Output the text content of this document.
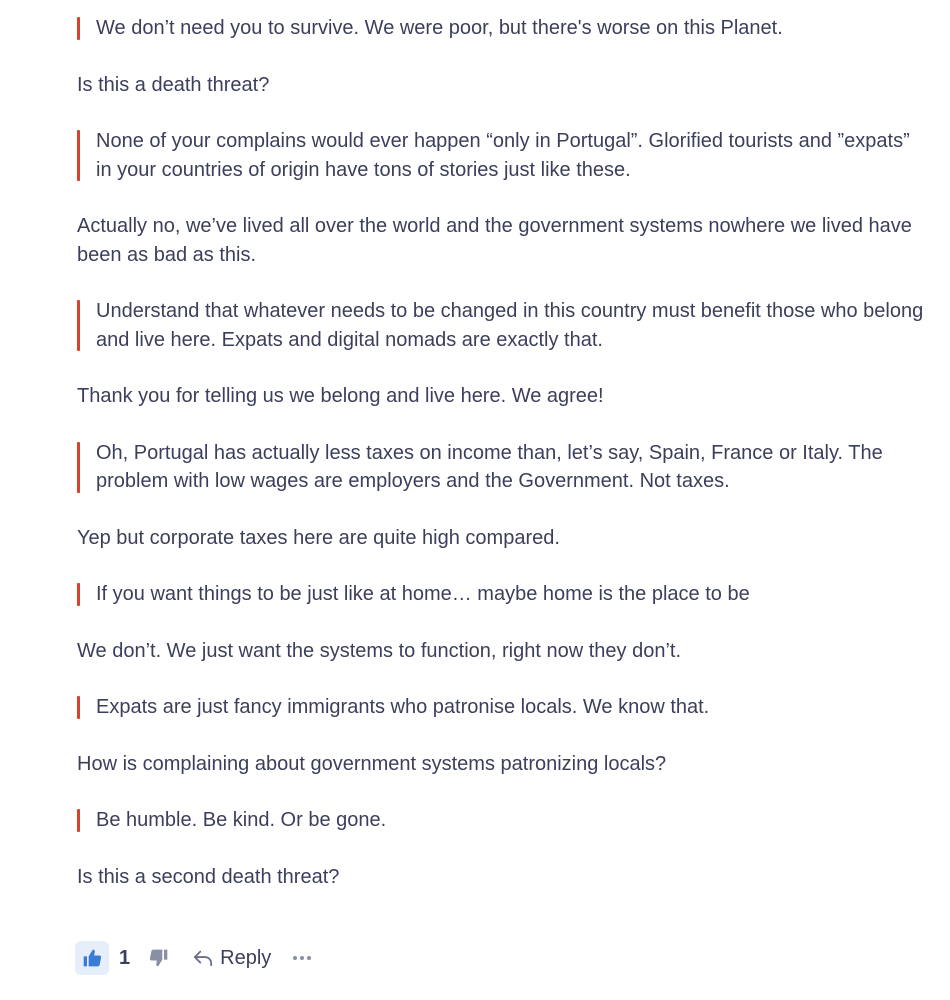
We don’t need you to survive. We were poor, but there's worse on this Planet.

Is this a death threat?

None of your complains would ever happen “only in Portugal”. Glorified tourists and ”expats” in your countries of origin have tons of stories just like these.

Actually no, we’ve lived all over the world and the government systems nowhere we lived have been as bad as this.

Understand that whatever needs to be changed in this country must benefit those who belong and live here. Expats and digital nomads are exactly that.

Thank you for telling us we belong and live here. We agree!

Oh, Portugal has actually less taxes on income than, let’s say, Spain, France or Italy. The problem with low wages are employers and the Government. Not taxes.

Yep but corporate taxes here are quite high compared.

If you want things to be just like at home… maybe home is the place to be

We don’t. We just want the systems to function, right now they don’t.

Expats are just fancy immigrants who patronise locals. We know that.

How is complaining about government systems patronizing locals?

Be humble. Be kind. Or be gone.

Is this a second death threat?

1	Reply
